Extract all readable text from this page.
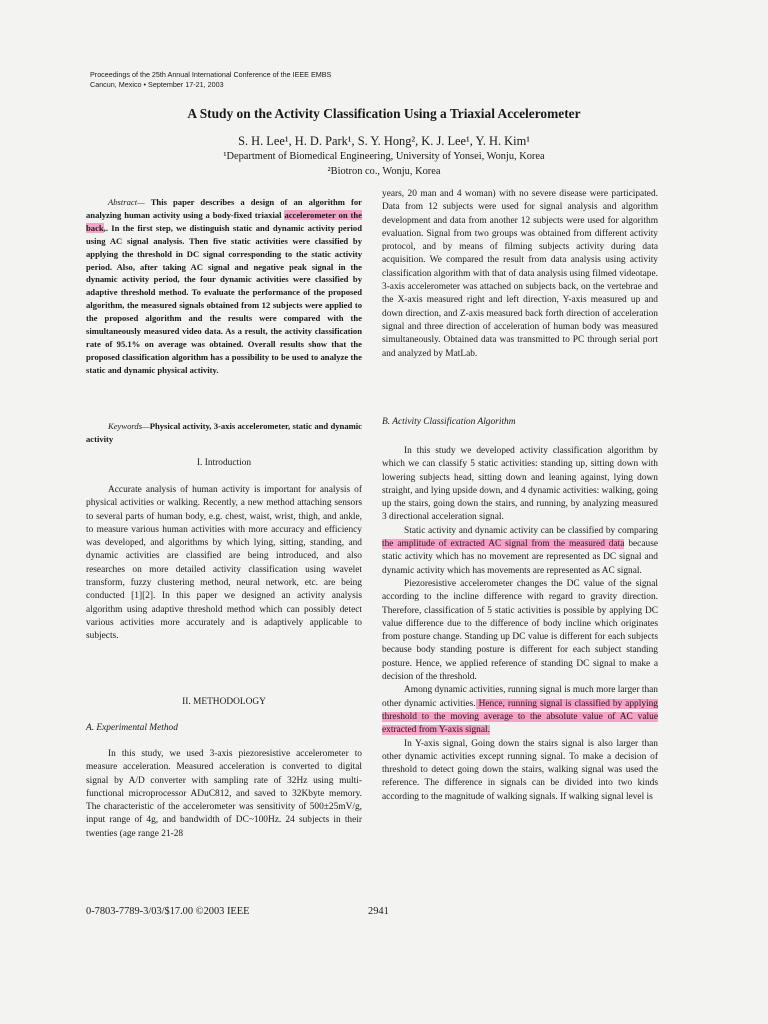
Proceedings of the 25th Annual International Conference of the IEEE EMBS
Cancun, Mexico • September 17-21, 2003
A Study on the Activity Classification Using a Triaxial Accelerometer
S. H. Lee¹, H. D. Park¹, S. Y. Hong², K. J. Lee¹, Y. H. Kim¹
¹Department of Biomedical Engineering, University of Yonsei, Wonju, Korea
²Biotron co., Wonju, Korea

Abstract— This paper describes a design of an algorithm for analyzing human activity using a body-fixed triaxial accelerometer on the back,. In the first step, we distinguish static and dynamic activity period using AC signal analysis. Then five static activities were classified by applying the threshold in DC signal corresponding to the static activity period. Also, after taking AC signal and negative peak signal in the dynamic activity period, the four dynamic activities were classified by adaptive threshold method. To evaluate the performance of the proposed algorithm, the measured signals obtained from 12 subjects were applied to the proposed algorithm and the results were compared with the simultaneously measured video data. As a result, the activity classification rate of 95.1% on average was obtained. Overall results show that the proposed classification algorithm has a possibility to be used to analyze the static and dynamic physical activity.

Keywords—Physical activity, 3-axis accelerometer, static and dynamic activity

I. Introduction

Accurate analysis of human activity is important for analysis of physical activities or walking. Recently, a new method attaching sensors to several parts of human body, e.g. chest, waist, wrist, thigh, and ankle, to measure various human activities with more accuracy and efficiency was developed, and algorithms by which lying, sitting, standing, and dynamic activities are classified are being introduced, and also researches on more detailed activity classification using wavelet transform, fuzzy clustering method, neural network, etc. are being conducted [1][2]. In this paper we designed an activity analysis algorithm using adaptive threshold method which can possibly detect various activities more accurately and is adaptively applicable to subjects.

II. METHODOLOGY
A. Experimental Method

In this study, we used 3-axis piezoresistive accelerometer to measure acceleration. Measured acceleration is converted to digital signal by A/D converter with sampling rate of 32Hz using multi-functional microprocessor ADuC812, and saved to 32Kbyte memory. The characteristic of the accelerometer was sensitivity of 500±25mV/g, input range of 4g, and bandwidth of DC~100Hz. 24 subjects in their twenties (age range 21-28

years, 20 man and 4 woman) with no severe disease were participated. Data from 12 subjects were used for signal analysis and algorithm development and data from another 12 subjects were used for algorithm evaluation. Signal from two groups was obtained from different activity protocol, and by means of filming subjects activity during data acquisition. We compared the result from data analysis using activity classification algorithm with that of data analysis using filmed videotape. 3-axis accelerometer was attached on subjects back, on the vertebrae and the X-axis measured right and left direction, Y-axis measured up and down direction, and Z-axis measured back forth direction of acceleration signal and three direction of acceleration of human body was measured simultaneously. Obtained data was transmitted to PC through serial port and analyzed by MatLab.

B. Activity Classification Algorithm

In this study we developed activity classification algorithm by which we can classify 5 static activities: standing up, sitting down with lowering subjects head, sitting down and leaning against, lying down straight, and lying upside down, and 4 dynamic activities: walking, going up the stairs, going down the stairs, and running, by analyzing measured 3 directional acceleration signal.

Static activity and dynamic activity can be classified by comparing the amplitude of extracted AC signal from the measured data because static activity which has no movement are represented as DC signal and dynamic activity which has movements are represented as AC signal.

Piezoresistive accelerometer changes the DC value of the signal according to the incline difference with regard to gravity direction. Therefore, classification of 5 static activities is possible by applying DC value difference due to the difference of body incline which originates from posture change. Standing up DC value is different for each subjects because body standing posture is different for each subject standing posture. Hence, we applied reference of standing DC signal to make a decision of the threshold.

Among dynamic activities, running signal is much more larger than other dynamic activities. Hence, running signal is classified by applying threshold to the moving average to the absolute value of AC value extracted from Y-axis signal.

In Y-axis signal, Going down the stairs signal is also larger than other dynamic activities except running signal. To make a decision of threshold to detect going down the stairs, walking signal was used the reference. The difference in signals can be divided into two kinds according to the magnitude of walking signals. If walking signal level is

0-7803-7789-3/03/$17.00 ©2003 IEEE	2941
